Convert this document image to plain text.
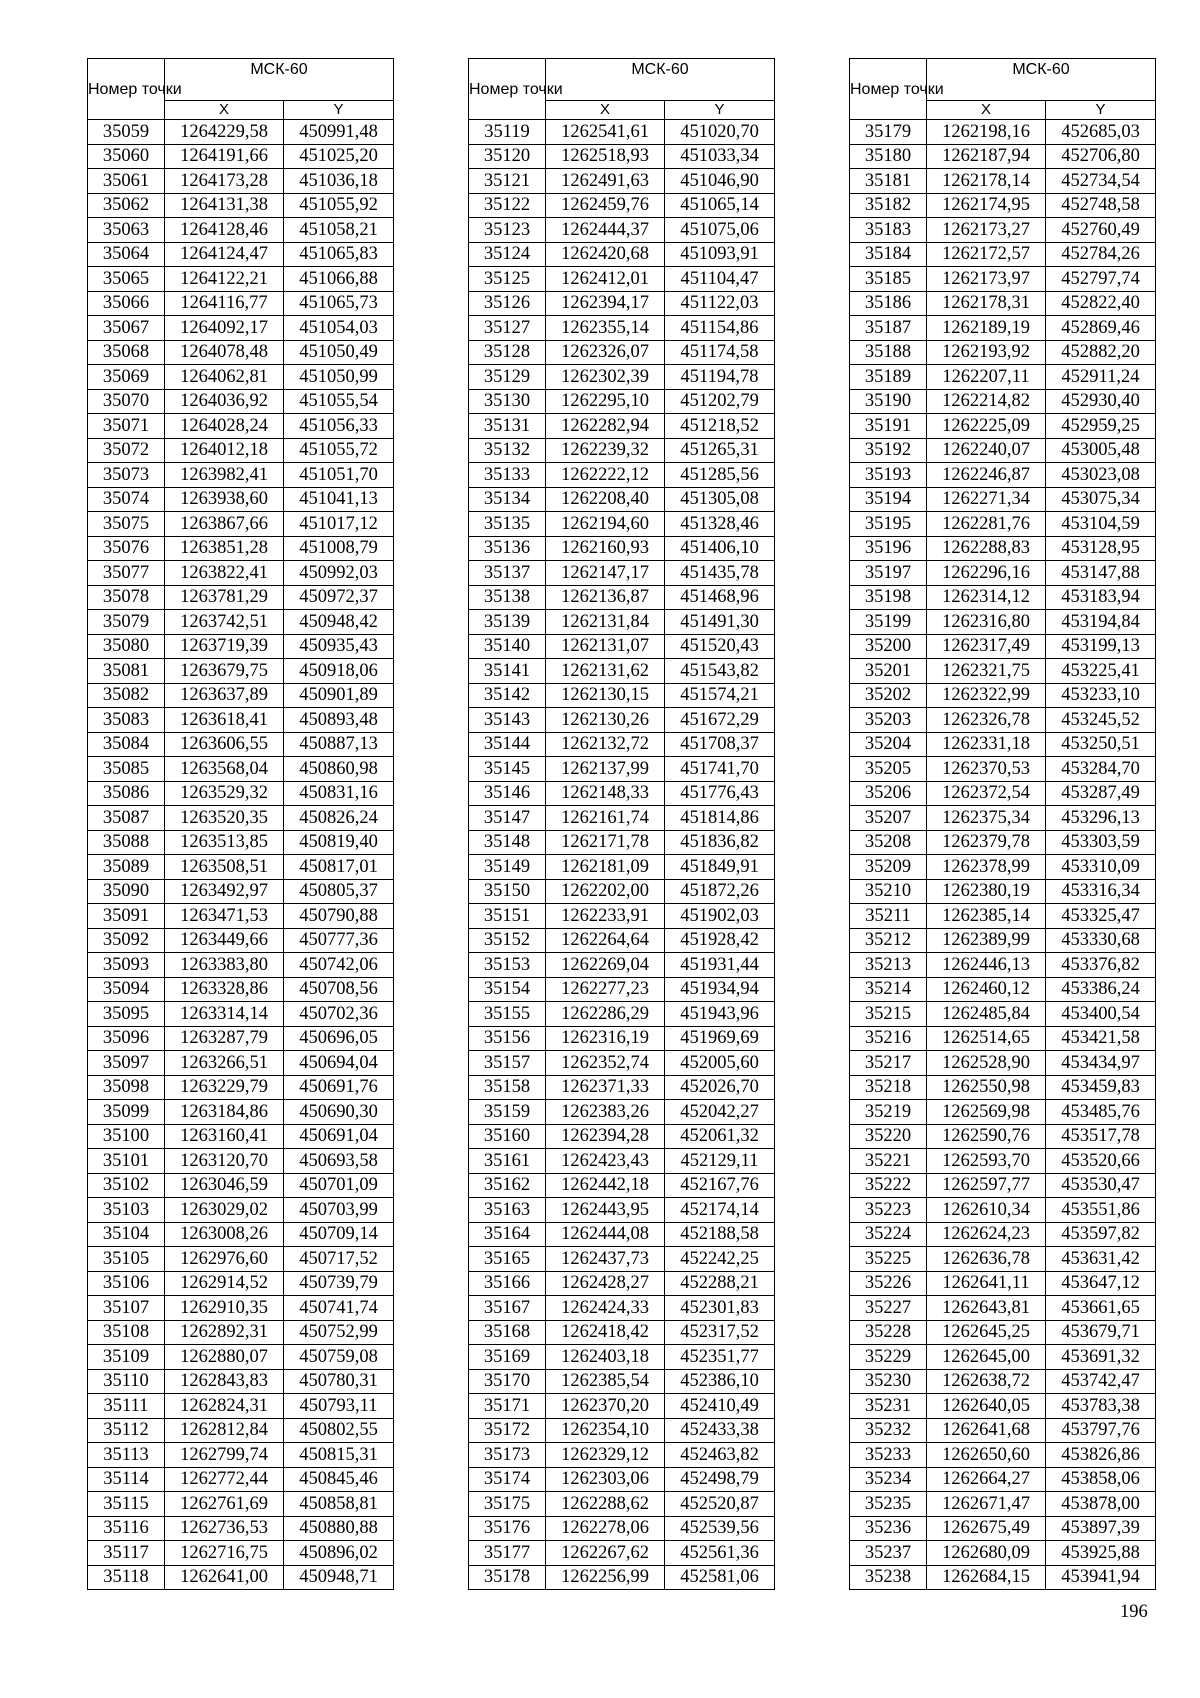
Номер точки	МСК-60	
	X	Y
35059	1264229,58	450991,48
35060	1264191,66	451025,20
35061	1264173,28	451036,18
35062	1264131,38	451055,92
35063	1264128,46	451058,21
35064	1264124,47	451065,83
35065	1264122,21	451066,88
35066	1264116,77	451065,73
35067	1264092,17	451054,03
35068	1264078,48	451050,49
35069	1264062,81	451050,99
35070	1264036,92	451055,54
35071	1264028,24	451056,33
35072	1264012,18	451055,72
35073	1263982,41	451051,70
35074	1263938,60	451041,13
35075	1263867,66	451017,12
35076	1263851,28	451008,79
35077	1263822,41	450992,03
35078	1263781,29	450972,37
35079	1263742,51	450948,42
35080	1263719,39	450935,43
35081	1263679,75	450918,06
35082	1263637,89	450901,89
35083	1263618,41	450893,48
35084	1263606,55	450887,13
35085	1263568,04	450860,98
35086	1263529,32	450831,16
35087	1263520,35	450826,24
35088	1263513,85	450819,40
35089	1263508,51	450817,01
35090	1263492,97	450805,37
35091	1263471,53	450790,88
35092	1263449,66	450777,36
35093	1263383,80	450742,06
35094	1263328,86	450708,56
35095	1263314,14	450702,36
35096	1263287,79	450696,05
35097	1263266,51	450694,04
35098	1263229,79	450691,76
35099	1263184,86	450690,30
35100	1263160,41	450691,04
35101	1263120,70	450693,58
35102	1263046,59	450701,09
35103	1263029,02	450703,99
35104	1263008,26	450709,14
35105	1262976,60	450717,52
35106	1262914,52	450739,79
35107	1262910,35	450741,74
35108	1262892,31	450752,99
35109	1262880,07	450759,08
35110	1262843,83	450780,31
35111	1262824,31	450793,11
35112	1262812,84	450802,55
35113	1262799,74	450815,31
35114	1262772,44	450845,46
35115	1262761,69	450858,81
35116	1262736,53	450880,88
35117	1262716,75	450896,02
35118	1262641,00	450948,71
Номер точки	МСК-60	
	X	Y
35119	1262541,61	451020,70
35120	1262518,93	451033,34
35121	1262491,63	451046,90
35122	1262459,76	451065,14
35123	1262444,37	451075,06
35124	1262420,68	451093,91
35125	1262412,01	451104,47
35126	1262394,17	451122,03
35127	1262355,14	451154,86
35128	1262326,07	451174,58
35129	1262302,39	451194,78
35130	1262295,10	451202,79
35131	1262282,94	451218,52
35132	1262239,32	451265,31
35133	1262222,12	451285,56
35134	1262208,40	451305,08
35135	1262194,60	451328,46
35136	1262160,93	451406,10
35137	1262147,17	451435,78
35138	1262136,87	451468,96
35139	1262131,84	451491,30
35140	1262131,07	451520,43
35141	1262131,62	451543,82
35142	1262130,15	451574,21
35143	1262130,26	451672,29
35144	1262132,72	451708,37
35145	1262137,99	451741,70
35146	1262148,33	451776,43
35147	1262161,74	451814,86
35148	1262171,78	451836,82
35149	1262181,09	451849,91
35150	1262202,00	451872,26
35151	1262233,91	451902,03
35152	1262264,64	451928,42
35153	1262269,04	451931,44
35154	1262277,23	451934,94
35155	1262286,29	451943,96
35156	1262316,19	451969,69
35157	1262352,74	452005,60
35158	1262371,33	452026,70
35159	1262383,26	452042,27
35160	1262394,28	452061,32
35161	1262423,43	452129,11
35162	1262442,18	452167,76
35163	1262443,95	452174,14
35164	1262444,08	452188,58
35165	1262437,73	452242,25
35166	1262428,27	452288,21
35167	1262424,33	452301,83
35168	1262418,42	452317,52
35169	1262403,18	452351,77
35170	1262385,54	452386,10
35171	1262370,20	452410,49
35172	1262354,10	452433,38
35173	1262329,12	452463,82
35174	1262303,06	452498,79
35175	1262288,62	452520,87
35176	1262278,06	452539,56
35177	1262267,62	452561,36
35178	1262256,99	452581,06
Номер точки	МСК-60	
	X	Y
35179	1262198,16	452685,03
35180	1262187,94	452706,80
35181	1262178,14	452734,54
35182	1262174,95	452748,58
35183	1262173,27	452760,49
35184	1262172,57	452784,26
35185	1262173,97	452797,74
35186	1262178,31	452822,40
35187	1262189,19	452869,46
35188	1262193,92	452882,20
35189	1262207,11	452911,24
35190	1262214,82	452930,40
35191	1262225,09	452959,25
35192	1262240,07	453005,48
35193	1262246,87	453023,08
35194	1262271,34	453075,34
35195	1262281,76	453104,59
35196	1262288,83	453128,95
35197	1262296,16	453147,88
35198	1262314,12	453183,94
35199	1262316,80	453194,84
35200	1262317,49	453199,13
35201	1262321,75	453225,41
35202	1262322,99	453233,10
35203	1262326,78	453245,52
35204	1262331,18	453250,51
35205	1262370,53	453284,70
35206	1262372,54	453287,49
35207	1262375,34	453296,13
35208	1262379,78	453303,59
35209	1262378,99	453310,09
35210	1262380,19	453316,34
35211	1262385,14	453325,47
35212	1262389,99	453330,68
35213	1262446,13	453376,82
35214	1262460,12	453386,24
35215	1262485,84	453400,54
35216	1262514,65	453421,58
35217	1262528,90	453434,97
35218	1262550,98	453459,83
35219	1262569,98	453485,76
35220	1262590,76	453517,78
35221	1262593,70	453520,66
35222	1262597,77	453530,47
35223	1262610,34	453551,86
35224	1262624,23	453597,82
35225	1262636,78	453631,42
35226	1262641,11	453647,12
35227	1262643,81	453661,65
35228	1262645,25	453679,71
35229	1262645,00	453691,32
35230	1262638,72	453742,47
35231	1262640,05	453783,38
35232	1262641,68	453797,76
35233	1262650,60	453826,86
35234	1262664,27	453858,06
35235	1262671,47	453878,00
35236	1262675,49	453897,39
35237	1262680,09	453925,88
35238	1262684,15	453941,94
196
